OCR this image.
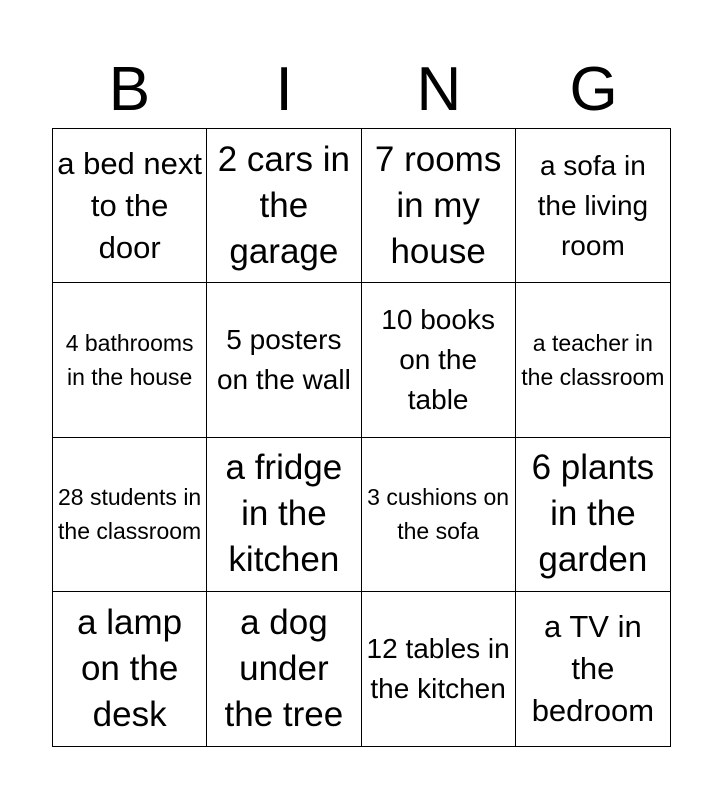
B	I	N	G
a bed next to the door
2 cars in the garage
7 rooms in my house
a sofa in the living room
4 bathrooms in the house
5 posters on the wall
10 books on the table
a teacher in the classroom
28 students in the classroom
a fridge in the kitchen
3 cushions on the sofa
6 plants in the garden
a lamp on the desk
a dog under the tree
12 tables in the kitchen
a TV in the bedroom
